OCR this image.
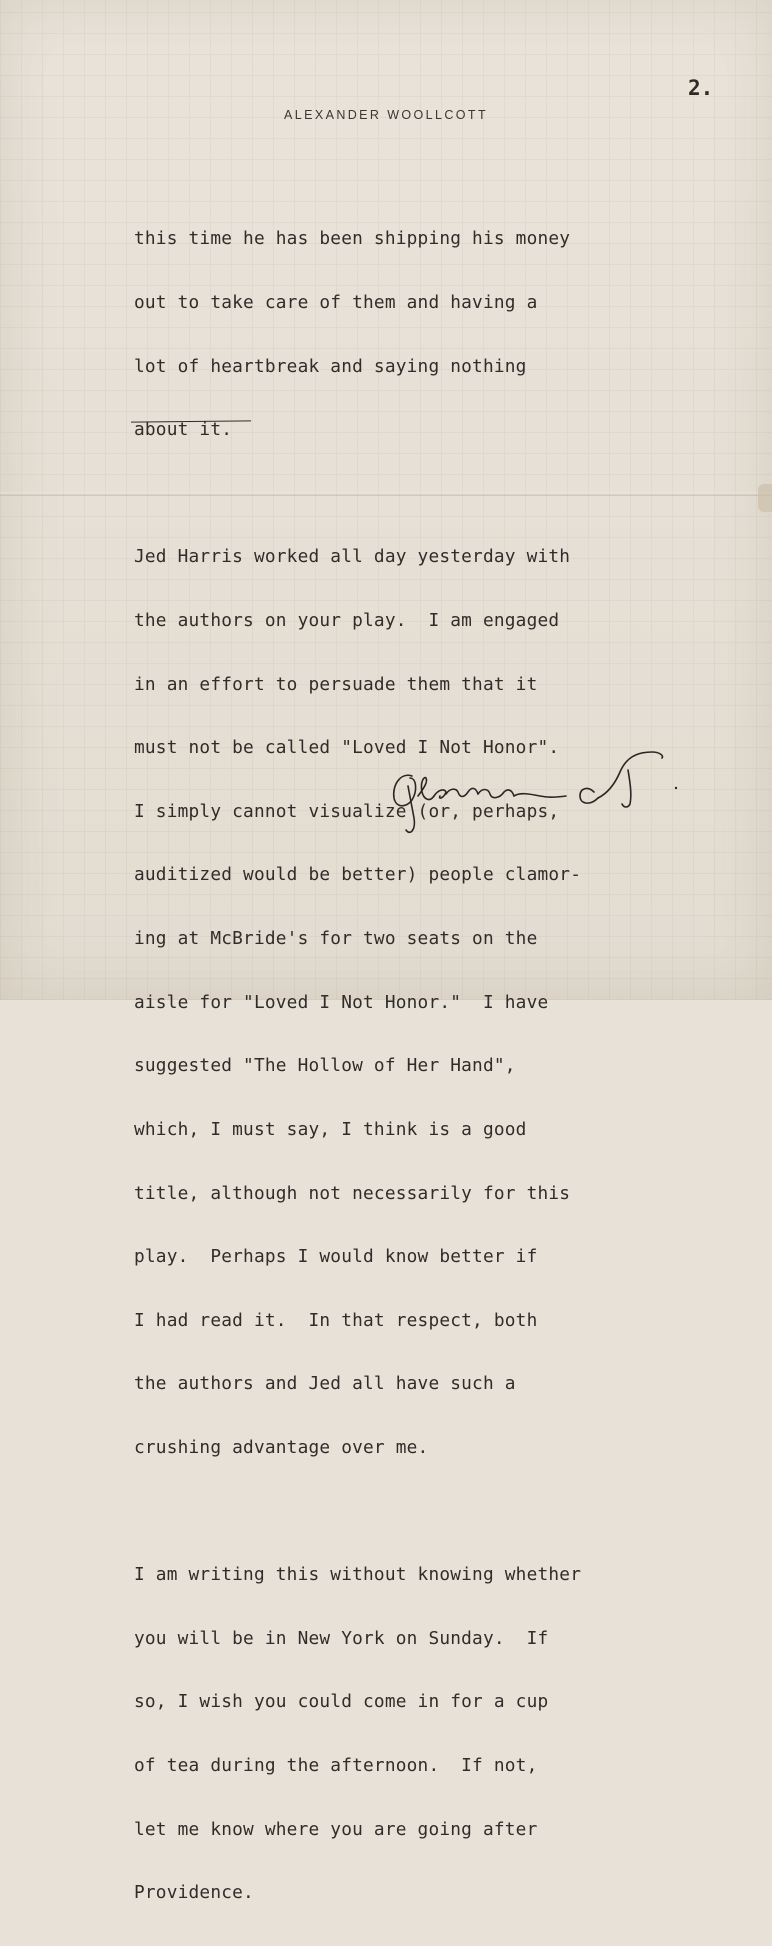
2.

ALEXANDER WOOLLCOTT

this time he has been shipping his money

out to take care of them and having a

lot of heartbreak and saying nothing

about it.

Jed Harris worked all day yesterday with

the authors on your play.  I am engaged

in an effort to persuade them that it

must not be called "Loved I Not Honor".

I simply cannot visualize (or, perhaps,

auditized would be better) people clamor-

ing at McBride's for two seats on the

aisle for "Loved I Not Honor."  I have

suggested "The Hollow of Her Hand",

which, I must say, I think is a good

title, although not necessarily for this

play.  Perhaps I would know better if

I had read it.  In that respect, both

the authors and Jed all have such a

crushing advantage over me.

I am writing this without knowing whether

you will be in New York on Sunday.  If

so, I wish you could come in for a cup

of tea during the afternoon.  If not,

let me know where you are going after

Providence.
